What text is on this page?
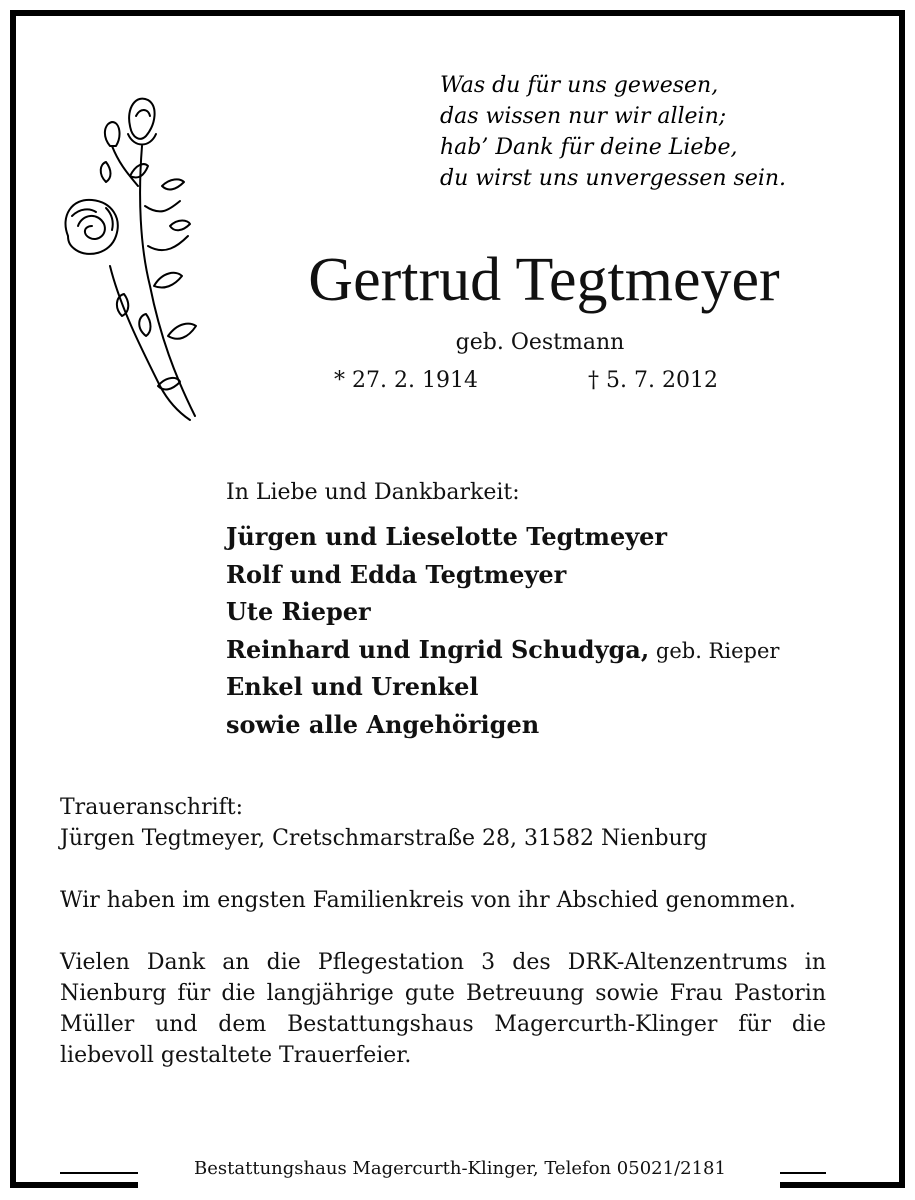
Was du für uns gewesen,
das wissen nur wir allein;
hab’ Dank für deine Liebe,
du wirst uns unvergessen sein.
Gertrud Tegtmeyer
geb. Oestmann
* 27. 2. 1914	† 5. 7. 2012
In Liebe und Dankbarkeit:
Jürgen und Lieselotte Tegtmeyer
Rolf und Edda Tegtmeyer
Ute Rieper
Reinhard und Ingrid Schudyga, geb. Rieper
Enkel und Urenkel
sowie alle Angehörigen

Traueranschrift:
Jürgen Tegtmeyer, Cretschmarstraße 28, 31582 Nienburg

Wir haben im engsten Familienkreis von ihr Abschied genommen.

Vielen Dank an die Pflegestation 3 des DRK-Altenzentrums in Nienburg für die langjährige gute Betreuung sowie Frau Pastorin Müller und dem Bestattungshaus Magercurth-Klinger für die liebevoll gestaltete Trauerfeier.

Bestattungshaus Magercurth-Klinger, Telefon 05021/2181
